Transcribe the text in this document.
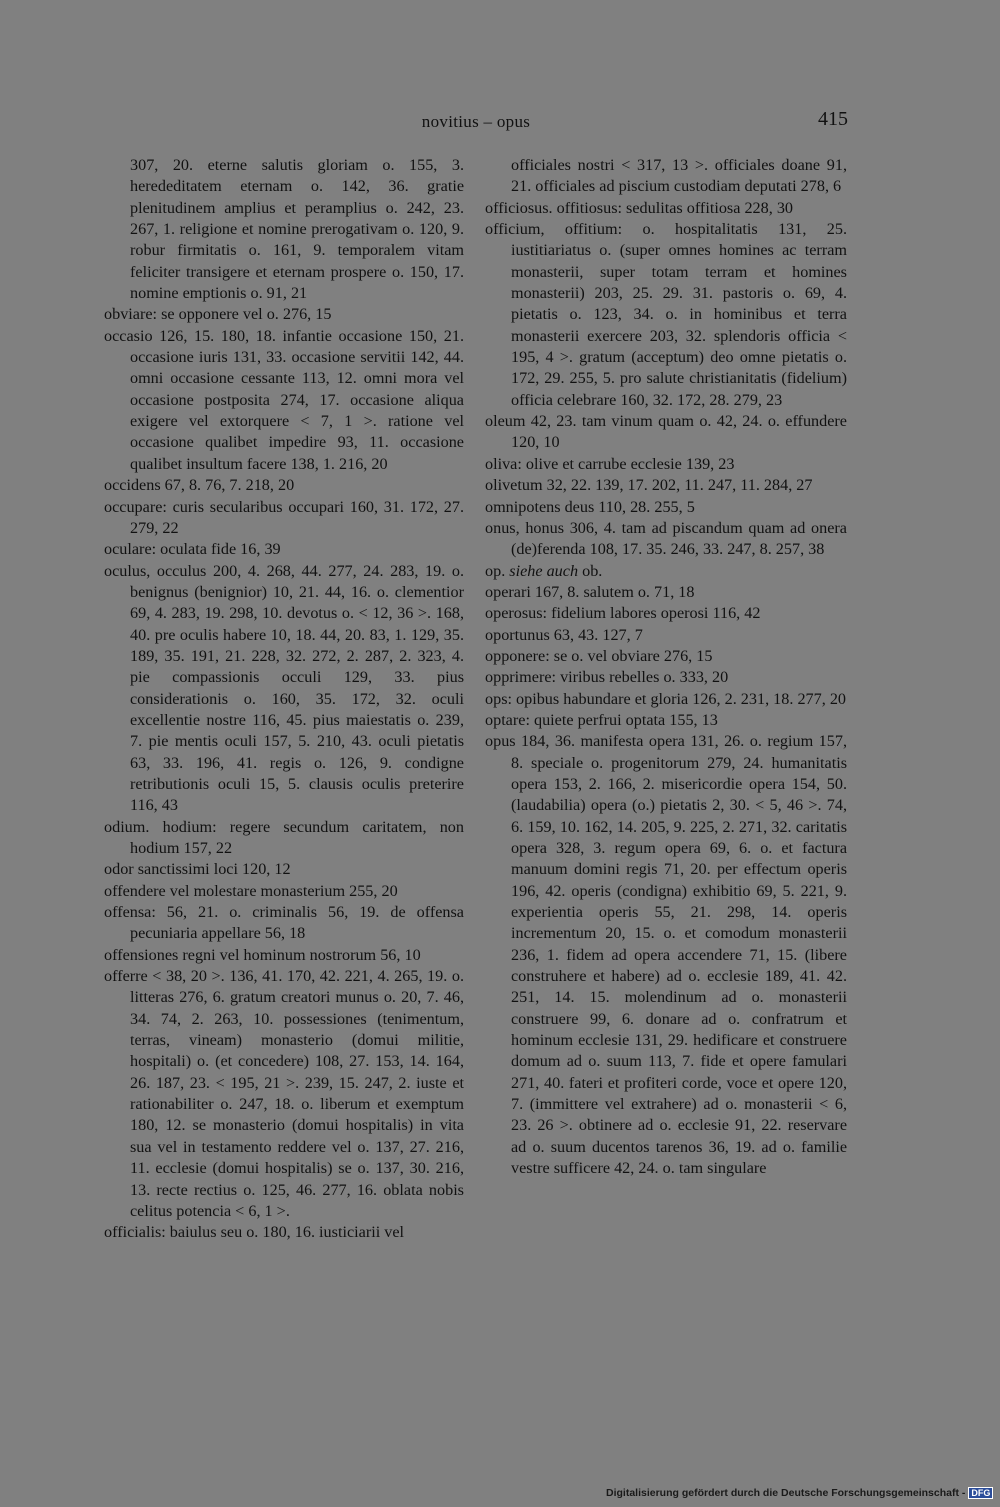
novitius – opus	415
307, 20. eterne salutis gloriam o. 155, 3. herededitatem eternam o. 142, 36. gratie plenitudinem amplius et peramplius o. 242, 23. 267, 1. religione et nomine prerogativam o. 120, 9. robur firmitatis o. 161, 9. temporalem vitam feliciter transigere et eternam prospere o. 150, 17. nomine emptionis o. 91, 21
obviare: se opponere vel o. 276, 15
occasio 126, 15. 180, 18. infantie occasione 150, 21. occasione iuris 131, 33. occasione servitii 142, 44. omni occasione cessante 113, 12. omni mora vel occasione postposita 274, 17. occasione aliqua exigere vel extorquere < 7, 1 >. ratione vel occasione qualibet impedire 93, 11. occasione qualibet insultum facere 138, 1. 216, 20
occidens 67, 8. 76, 7. 218, 20
occupare: curis secularibus occupari 160, 31. 172, 27. 279, 22
oculare: oculata fide 16, 39
oculus, occulus 200, 4. 268, 44. 277, 24. 283, 19. o. benignus (benignior) 10, 21. 44, 16. o. clementior 69, 4. 283, 19. 298, 10. devotus o. < 12, 36 >. 168, 40. pre oculis habere 10, 18. 44, 20. 83, 1. 129, 35. 189, 35. 191, 21. 228, 32. 272, 2. 287, 2. 323, 4. pie compassionis occuli 129, 33. pius considerationis o. 160, 35. 172, 32. oculi excellentie nostre 116, 45. pius maiestatis o. 239, 7. pie mentis oculi 157, 5. 210, 43. oculi pietatis 63, 33. 196, 41. regis o. 126, 9. condigne retributionis oculi 15, 5. clausis oculis preterire 116, 43
odium. hodium: regere secundum caritatem, non hodium 157, 22
odor sanctissimi loci 120, 12
offendere vel molestare monasterium 255, 20
offensa: 56, 21. o. criminalis 56, 19. de offensa pecuniaria appellare 56, 18
offensiones regni vel hominum nostrorum 56, 10
offerre < 38, 20 >. 136, 41. 170, 42. 221, 4. 265, 19. o. litteras 276, 6. gratum creatori munus o. 20, 7. 46, 34. 74, 2. 263, 10. possessiones (tenimentum, terras, vineam) monasterio (domui militie, hospitali) o. (et concedere) 108, 27. 153, 14. 164, 26. 187, 23. < 195, 21 >. 239, 15. 247, 2. iuste et rationabiliter o. 247, 18. o. liberum et exemptum 180, 12. se monasterio (domui hospitalis) in vita sua vel in testamento reddere vel o. 137, 27. 216, 11. ecclesie (domui hospitalis) se o. 137, 30. 216, 13. recte rectius o. 125, 46. 277, 16. oblata nobis celitus potencia < 6, 1 >.
officialis: baiulus seu o. 180, 16. iusticiarii vel
officiales nostri < 317, 13 >. officiales doane 91, 21. officiales ad piscium custodiam deputati 278, 6
officiosus. offitiosus: sedulitas offitiosa 228, 30
officium, offitium: o. hospitalitatis 131, 25. iustitiariatus o. (super omnes homines ac terram monasterii, super totam terram et homines monasterii) 203, 25. 29. 31. pastoris o. 69, 4. pietatis o. 123, 34. o. in hominibus et terra monasterii exercere 203, 32. splendoris officia < 195, 4 >. gratum (acceptum) deo omne pietatis o. 172, 29. 255, 5. pro salute christianitatis (fidelium) officia celebrare 160, 32. 172, 28. 279, 23
oleum 42, 23. tam vinum quam o. 42, 24. o. effundere 120, 10
oliva: olive et carrube ecclesie 139, 23
olivetum 32, 22. 139, 17. 202, 11. 247, 11. 284, 27
omnipotens deus 110, 28. 255, 5
onus, honus 306, 4. tam ad piscandum quam ad onera (de)ferenda 108, 17. 35. 246, 33. 247, 8. 257, 38
op. siehe auch ob.
operari 167, 8. salutem o. 71, 18
operosus: fidelium labores operosi 116, 42
oportunus 63, 43. 127, 7
opponere: se o. vel obviare 276, 15
opprimere: viribus rebelles o. 333, 20
ops: opibus habundare et gloria 126, 2. 231, 18. 277, 20
optare: quiete perfrui optata 155, 13
opus 184, 36. manifesta opera 131, 26. o. regium 157, 8. speciale o. progenitorum 279, 24. humanitatis opera 153, 2. 166, 2. misericordie opera 154, 50. (laudabilia) opera (o.) pietatis 2, 30. < 5, 46 >. 74, 6. 159, 10. 162, 14. 205, 9. 225, 2. 271, 32. caritatis opera 328, 3. regum opera 69, 6. o. et factura manuum domini regis 71, 20. per effectum operis 196, 42. operis (condigna) exhibitio 69, 5. 221, 9. experientia operis 55, 21. 298, 14. operis incrementum 20, 15. o. et comodum monasterii 236, 1. fidem ad opera accendere 71, 15. (libere construhere et habere) ad o. ecclesie 189, 41. 42. 251, 14. 15. molendinum ad o. monasterii construere 99, 6. donare ad o. confratrum et hominum ecclesie 131, 29. hedificare et construere domum ad o. suum 113, 7. fide et opere famulari 271, 40. fateri et profiteri corde, voce et opere 120, 7. (immittere vel extrahere) ad o. monasterii < 6, 23. 26 >. obtinere ad o. ecclesie 91, 22. reservare ad o. suum ducentos tarenos 36, 19. ad o. familie vestre sufficere 42, 24. o. tam singulare
Digitalisierung gefördert durch die Deutsche Forschungsgemeinschaft - DFG
